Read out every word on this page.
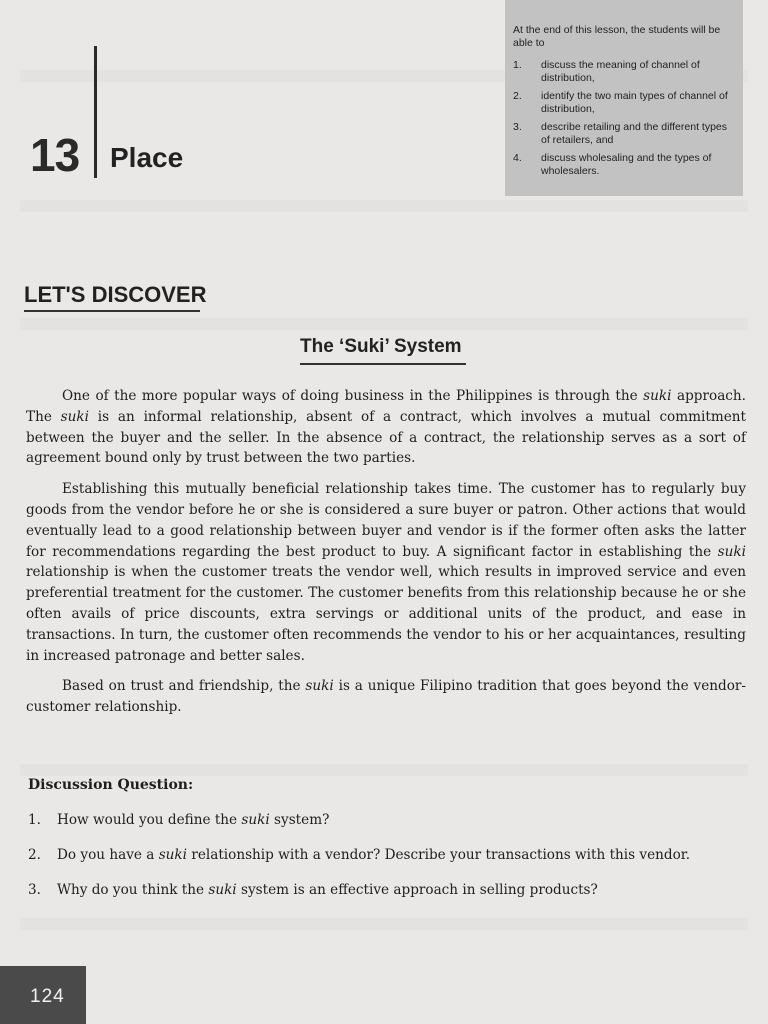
13 Place

At the end of this lesson, the students will be able to

1.	discuss the meaning of channel of distribution,
2.	identify the two main types of channel of distribution,
3.	describe retailing and the different types of retailers, and
4.	discuss wholesaling and the types of wholesalers.
LET'S DISCOVER
The ‘Suki’ System

One of the more popular ways of doing business in the Philippines is through the suki approach. The suki is an informal relationship, absent of a contract, which involves a mutual commitment between the buyer and the seller. In the absence of a contract, the relationship serves as a sort of agreement bound only by trust between the two parties.

Establishing this mutually beneficial relationship takes time. The customer has to regularly buy goods from the vendor before he or she is considered a sure buyer or patron. Other actions that would eventually lead to a good relationship between buyer and vendor is if the former often asks the latter for recommendations regarding the best product to buy. A significant factor in establishing the suki relationship is when the customer treats the vendor well, which results in improved service and even preferential treatment for the customer. The customer benefits from this relationship because he or she often avails of price discounts, extra servings or additional units of the product, and ease in transactions. In turn, the customer often recommends the vendor to his or her acquaintances, resulting in increased patronage and better sales.

Based on trust and friendship, the suki is a unique Filipino tradition that goes beyond the vendor-customer relationship.

Discussion Question:
1.	How would you define the suki system?
2.	Do you have a suki relationship with a vendor? Describe your transactions with this vendor.
3.	Why do you think the suki system is an effective approach in selling products?
124
